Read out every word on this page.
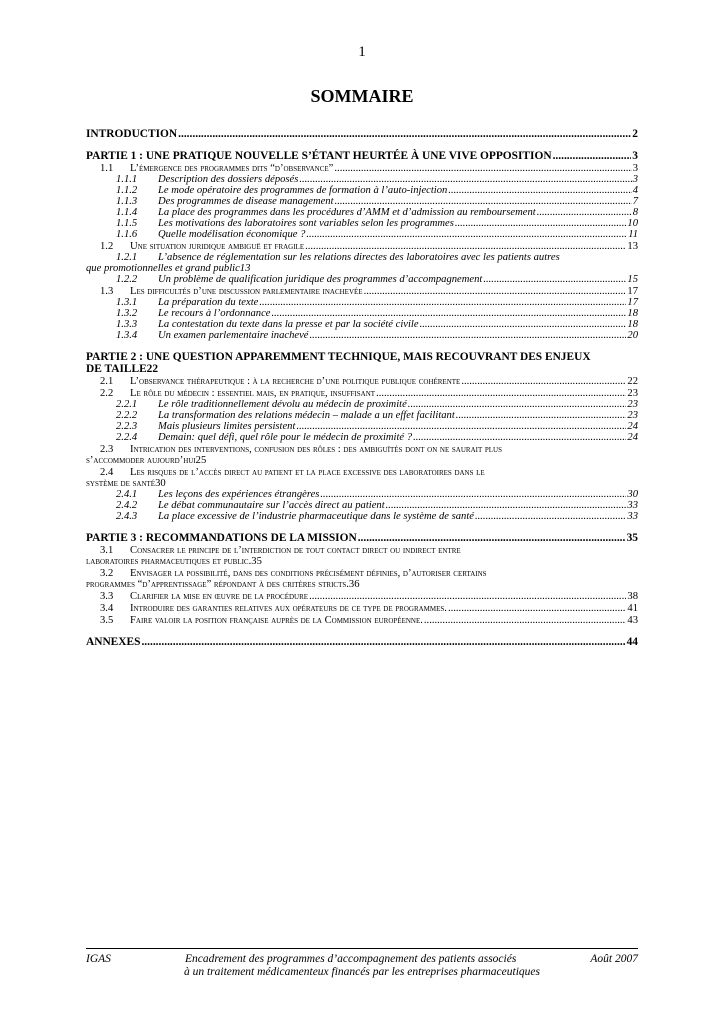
1
SOMMAIRE
INTRODUCTION .....	2
PARTIE 1 : UNE PRATIQUE NOUVELLE S’ÉTANT HEURTÉE À UNE VIVE OPPOSITION .....	3
1.1	L’émergence des programmes dits “d’observance” .....	3
1.1.1	Description des dossiers déposés .....	3
1.1.2	Le mode opératoire des programmes de formation à l’auto-injection .....	4
1.1.3	Des programmes de disease management .....	7
1.1.4	La place des programmes dans les procédures d’AMM et d’admission au remboursement .....	8
1.1.5	Les motivations des laboratoires sont variables selon les programmes .....	10
1.1.6	Quelle modélisation économique ? .....	11
1.2	Une situation juridique ambiguë et fragile .....	13
1.2.1 L’absence de réglementation sur les relations directes des laboratoires avec les patients autres
que promotionnelles et grand public 13
1.2.2	Un problème de qualification juridique des programmes d’accompagnement .....	15
1.3	Les difficultés d’une discussion parlementaire inachevée .....	17
1.3.1	La préparation du texte .....	17
1.3.2	Le recours à l’ordonnance .....	18
1.3.3	La contestation du texte dans la presse et par la société civile .....	18
1.3.4	Un examen parlementaire inachevé .....	20
PARTIE 2 : UNE QUESTION APPAREMMENT TECHNIQUE, MAIS RECOUVRANT DES ENJEUX
DE TAILLE 22
2.1	L’observance thérapeutique : à la recherche d’une politique publique cohérente .....	22
2.2	Le rôle du médecin : essentiel mais, en pratique, insuffisant .....	23
2.2.1	Le rôle traditionnellement dévolu au médecin de proximité .....	23
2.2.2	La transformation des relations médecin – malade a un effet facilitant .....	23
2.2.3	Mais plusieurs limites persistent .....	24
2.2.4	Demain: quel défi, quel rôle pour le médecin de proximité ? .....	24
2.3 Intrication des interventions, confusion des rôles : des ambiguïtés dont on ne saurait plus
s’accommoder aujourd’hui 25
2.4 Les risques de l’accès direct au patient et la place excessive des laboratoires dans le
système de santé 30
2.4.1	Les leçons des expériences étrangères .....	30
2.4.2	Le débat communautaire sur l’accès direct au patient .....	33
2.4.3	La place excessive de l’industrie pharmaceutique dans le système de santé .....	33
PARTIE 3 : RECOMMANDATIONS DE LA MISSION .....	35
3.1 Consacrer le principe de l’interdiction de tout contact direct ou indirect entre
laboratoires pharmaceutiques et public. 35
3.2 Envisager la possibilité, dans des conditions précisément définies, d’autoriser certains
programmes “d’apprentissage” répondant à des critères stricts. 36
3.3	Clarifier la mise en œuvre de la procédure .....	38
3.4	Introduire des garanties relatives aux opérateurs de ce type de programmes. .....	41
3.5	Faire valoir la position française auprès de la Commission européenne. .....	43
ANNEXES .....	44
IGAS	Encadrement des programmes d’accompagnement des patients associés	Août 2007
à un traitement médicamenteux financés par les entreprises pharmaceutiques
